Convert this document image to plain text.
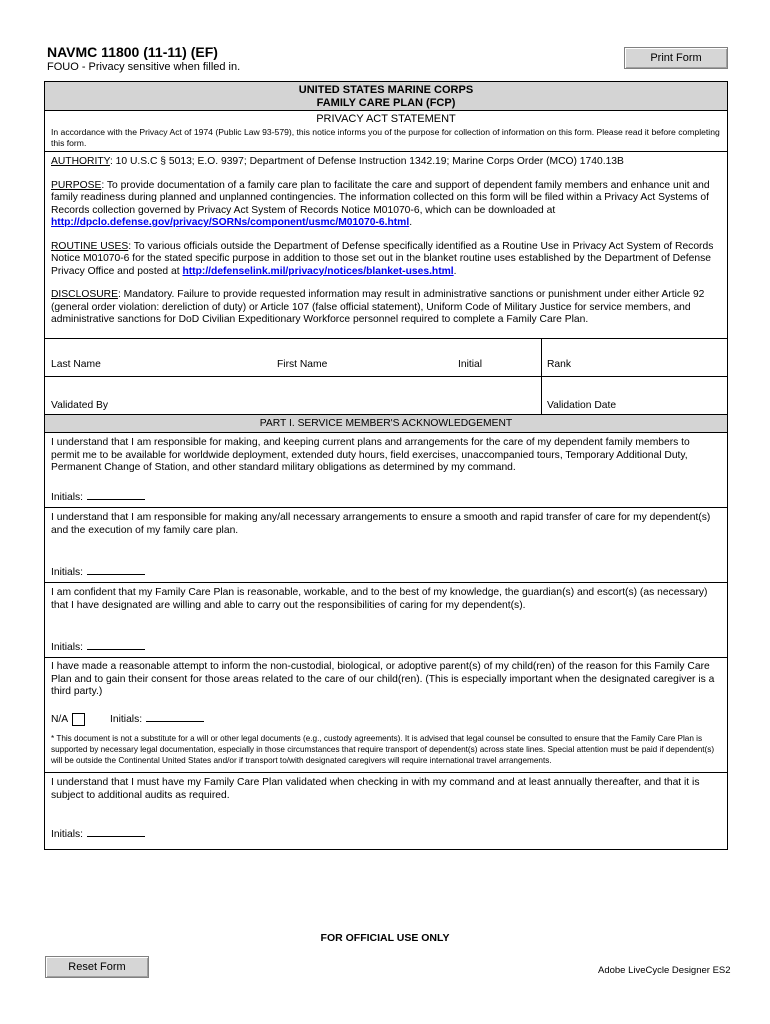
NAVMC 11800 (11-11) (EF)
FOUO - Privacy sensitive when filled in.
Print Form
UNITED STATES MARINE CORPS
FAMILY CARE PLAN (FCP)
PRIVACY ACT STATEMENT
In accordance with the Privacy Act of 1974 (Public Law 93-579), this notice informs you of the purpose for collection of information on this form. Please read it before completing this form.

AUTHORITY: 10 U.S.C § 5013; E.O. 9397; Department of Defense Instruction 1342.19; Marine Corps Order (MCO) 1740.13B

PURPOSE: To provide documentation of a family care plan to facilitate the care and support of dependent family members and enhance unit and family readiness during planned and unplanned contingencies. The information collected on this form will be filed within a Privacy Act Systems of Records collection governed by Privacy Act System of Records Notice M01070-6, which can be downloaded at http://dpclo.defense.gov/privacy/SORNs/component/usmc/M01070-6.html.

ROUTINE USES: To various officials outside the Department of Defense specifically identified as a Routine Use in Privacy Act System of Records Notice M01070-6 for the stated specific purpose in addition to those set out in the blanket routine uses established by the Department of Defense Privacy Office and posted at http://defenselink.mil/privacy/notices/blanket-uses.html.

DISCLOSURE: Mandatory. Failure to provide requested information may result in administrative sanctions or punishment under either Article 92 (general order violation: dereliction of duty) or Article 107 (false official statement), Uniform Code of Military Justice for service members, and administrative sanctions for DoD Civilian Expeditionary Workforce personnel required to complete a Family Care Plan.

Last Name	First Name	Initial	Rank
Validated By	Validation Date
PART I. SERVICE MEMBER'S ACKNOWLEDGEMENT

I understand that I am responsible for making, and keeping current plans and arrangements for the care of my dependent family members to permit me to be available for worldwide deployment, extended duty hours, field exercises, unaccompanied tours, Temporary Additional Duty, Permanent Change of Station, and other standard military obligations as determined by my command.

Initials:

I understand that I am responsible for making any/all necessary arrangements to ensure a smooth and rapid transfer of care for my dependent(s) and the execution of my family care plan.

Initials:

I am confident that my Family Care Plan is reasonable, workable, and to the best of my knowledge, the guardian(s) and escort(s) (as necessary) that I have designated are willing and able to carry out the responsibilities of caring for my dependent(s).

Initials:

I have made a reasonable attempt to inform the non-custodial, biological, or adoptive parent(s) of my child(ren) of the reason for this Family Care Plan and to gain their consent for those areas related to the care of our child(ren). (This is especially important when the designated caregiver is a third party.)

N/A	Initials:
* This document is not a substitute for a will or other legal documents (e.g., custody agreements). It is advised that legal counsel be consulted to ensure that the Family Care Plan is supported by necessary legal documentation, especially in those circumstances that require transport of dependent(s) across state lines. Special attention must be paid if dependent(s) will be outside the Continental United States and/or if transport to/with designated caregivers will require international travel arrangements.

I understand that I must have my Family Care Plan validated when checking in with my command and at least annually thereafter, and that it is subject to additional audits as required.

Initials:
FOR OFFICIAL USE ONLY
Reset Form	Adobe LiveCycle Designer ES2
